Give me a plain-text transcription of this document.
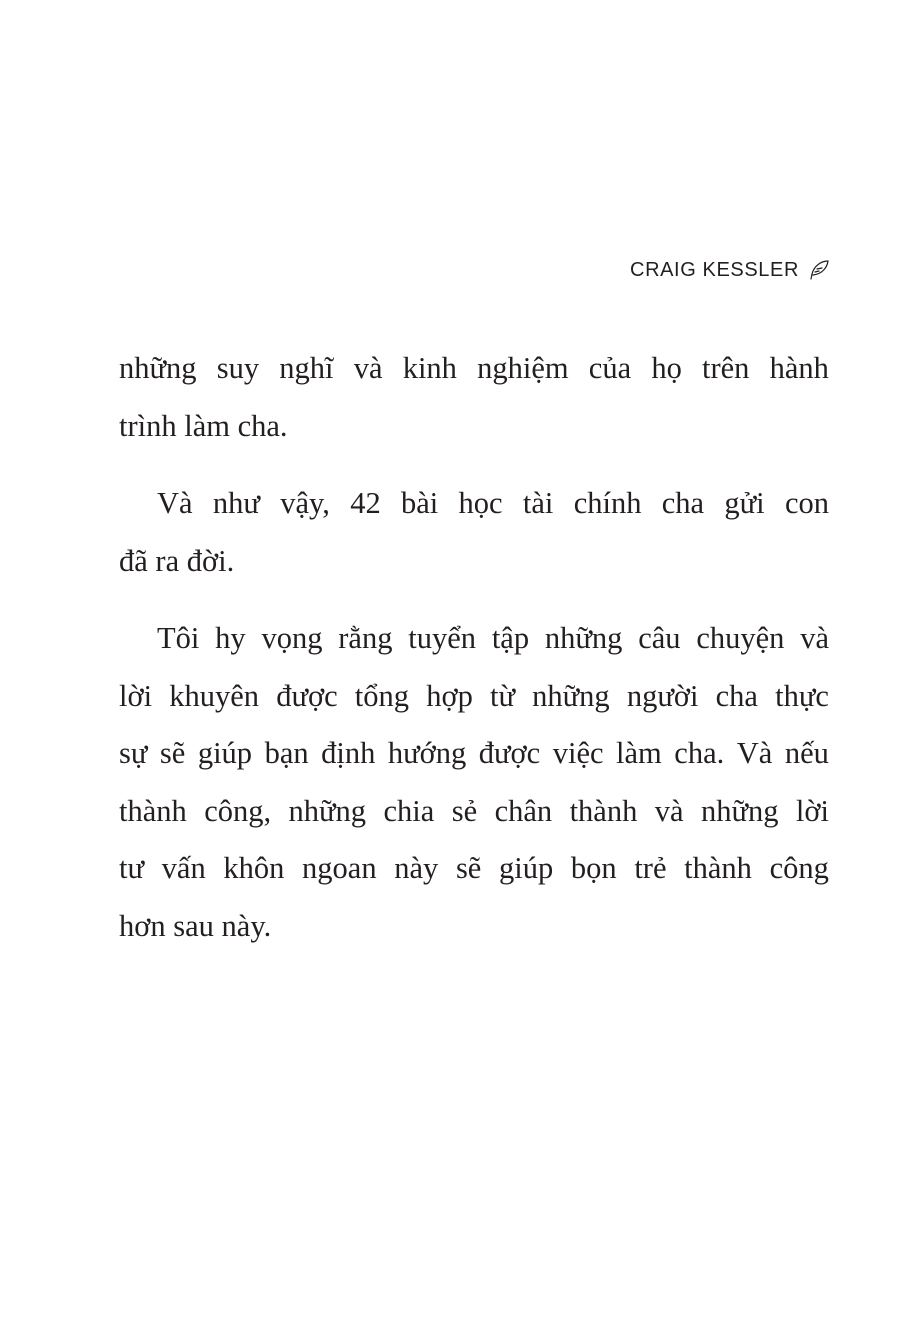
CRAIG KESSLER
những suy nghĩ và kinh nghiệm của họ trên hành
trình làm cha.
Và như vậy, 42 bài học tài chính cha gửi con
đã ra đời.
Tôi hy vọng rằng tuyển tập những câu chuyện và
lời khuyên được tổng hợp từ những người cha thực
sự sẽ giúp bạn định hướng được việc làm cha. Và nếu
thành công, những chia sẻ chân thành và những lời
tư vấn khôn ngoan này sẽ giúp bọn trẻ thành công
hơn sau này.
